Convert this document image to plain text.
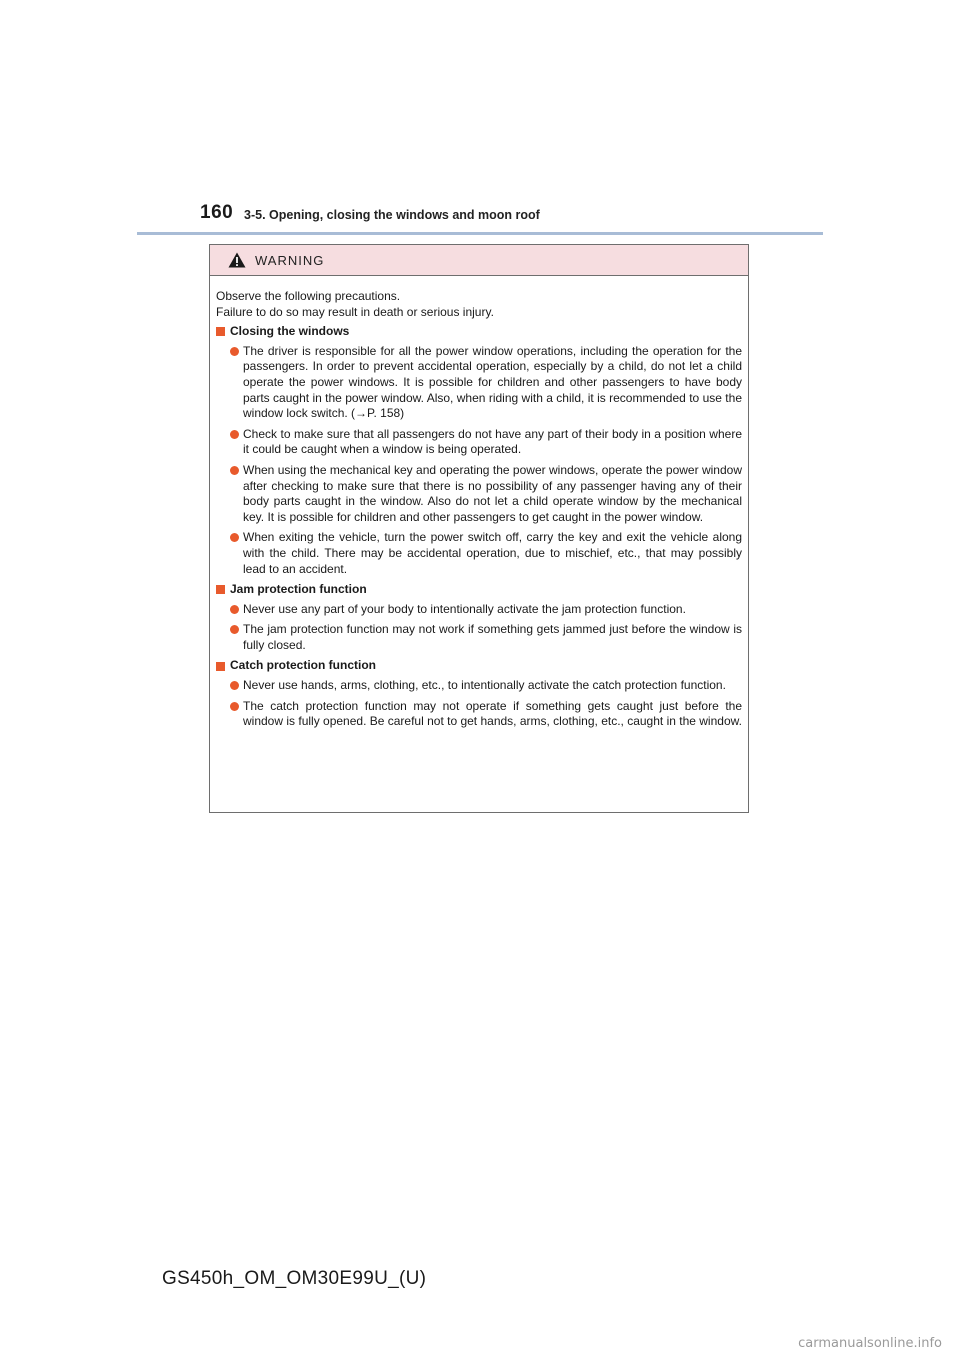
160 3-5. Opening, closing the windows and moon roof
WARNING

Observe the following precautions.
Failure to do so may result in death or serious injury.

Closing the windows
The driver is responsible for all the power window operations, including the operation for the passengers. In order to prevent accidental operation, especially by a child, do not let a child operate the power windows. It is possible for children and other passengers to have body parts caught in the power window. Also, when riding with a child, it is recommended to use the window lock switch. (→P. 158)
Check to make sure that all passengers do not have any part of their body in a position where it could be caught when a window is being operated.
When using the mechanical key and operating the power windows, operate the power window after checking to make sure that there is no possibility of any passenger having any of their body parts caught in the window. Also do not let a child operate window by the mechanical key. It is possible for children and other passengers to get caught in the power window.
When exiting the vehicle, turn the power switch off, carry the key and exit the vehicle along with the child. There may be accidental operation, due to mischief, etc., that may possibly lead to an accident.
Jam protection function
Never use any part of your body to intentionally activate the jam protection function.
The jam protection function may not work if something gets jammed just before the window is fully closed.
Catch protection function
Never use hands, arms, clothing, etc., to intentionally activate the catch protection function.
The catch protection function may not operate if something gets caught just before the window is fully opened. Be careful not to get hands, arms, clothing, etc., caught in the window.
GS450h_OM_OM30E99U_(U)
carmanualsonline.info
